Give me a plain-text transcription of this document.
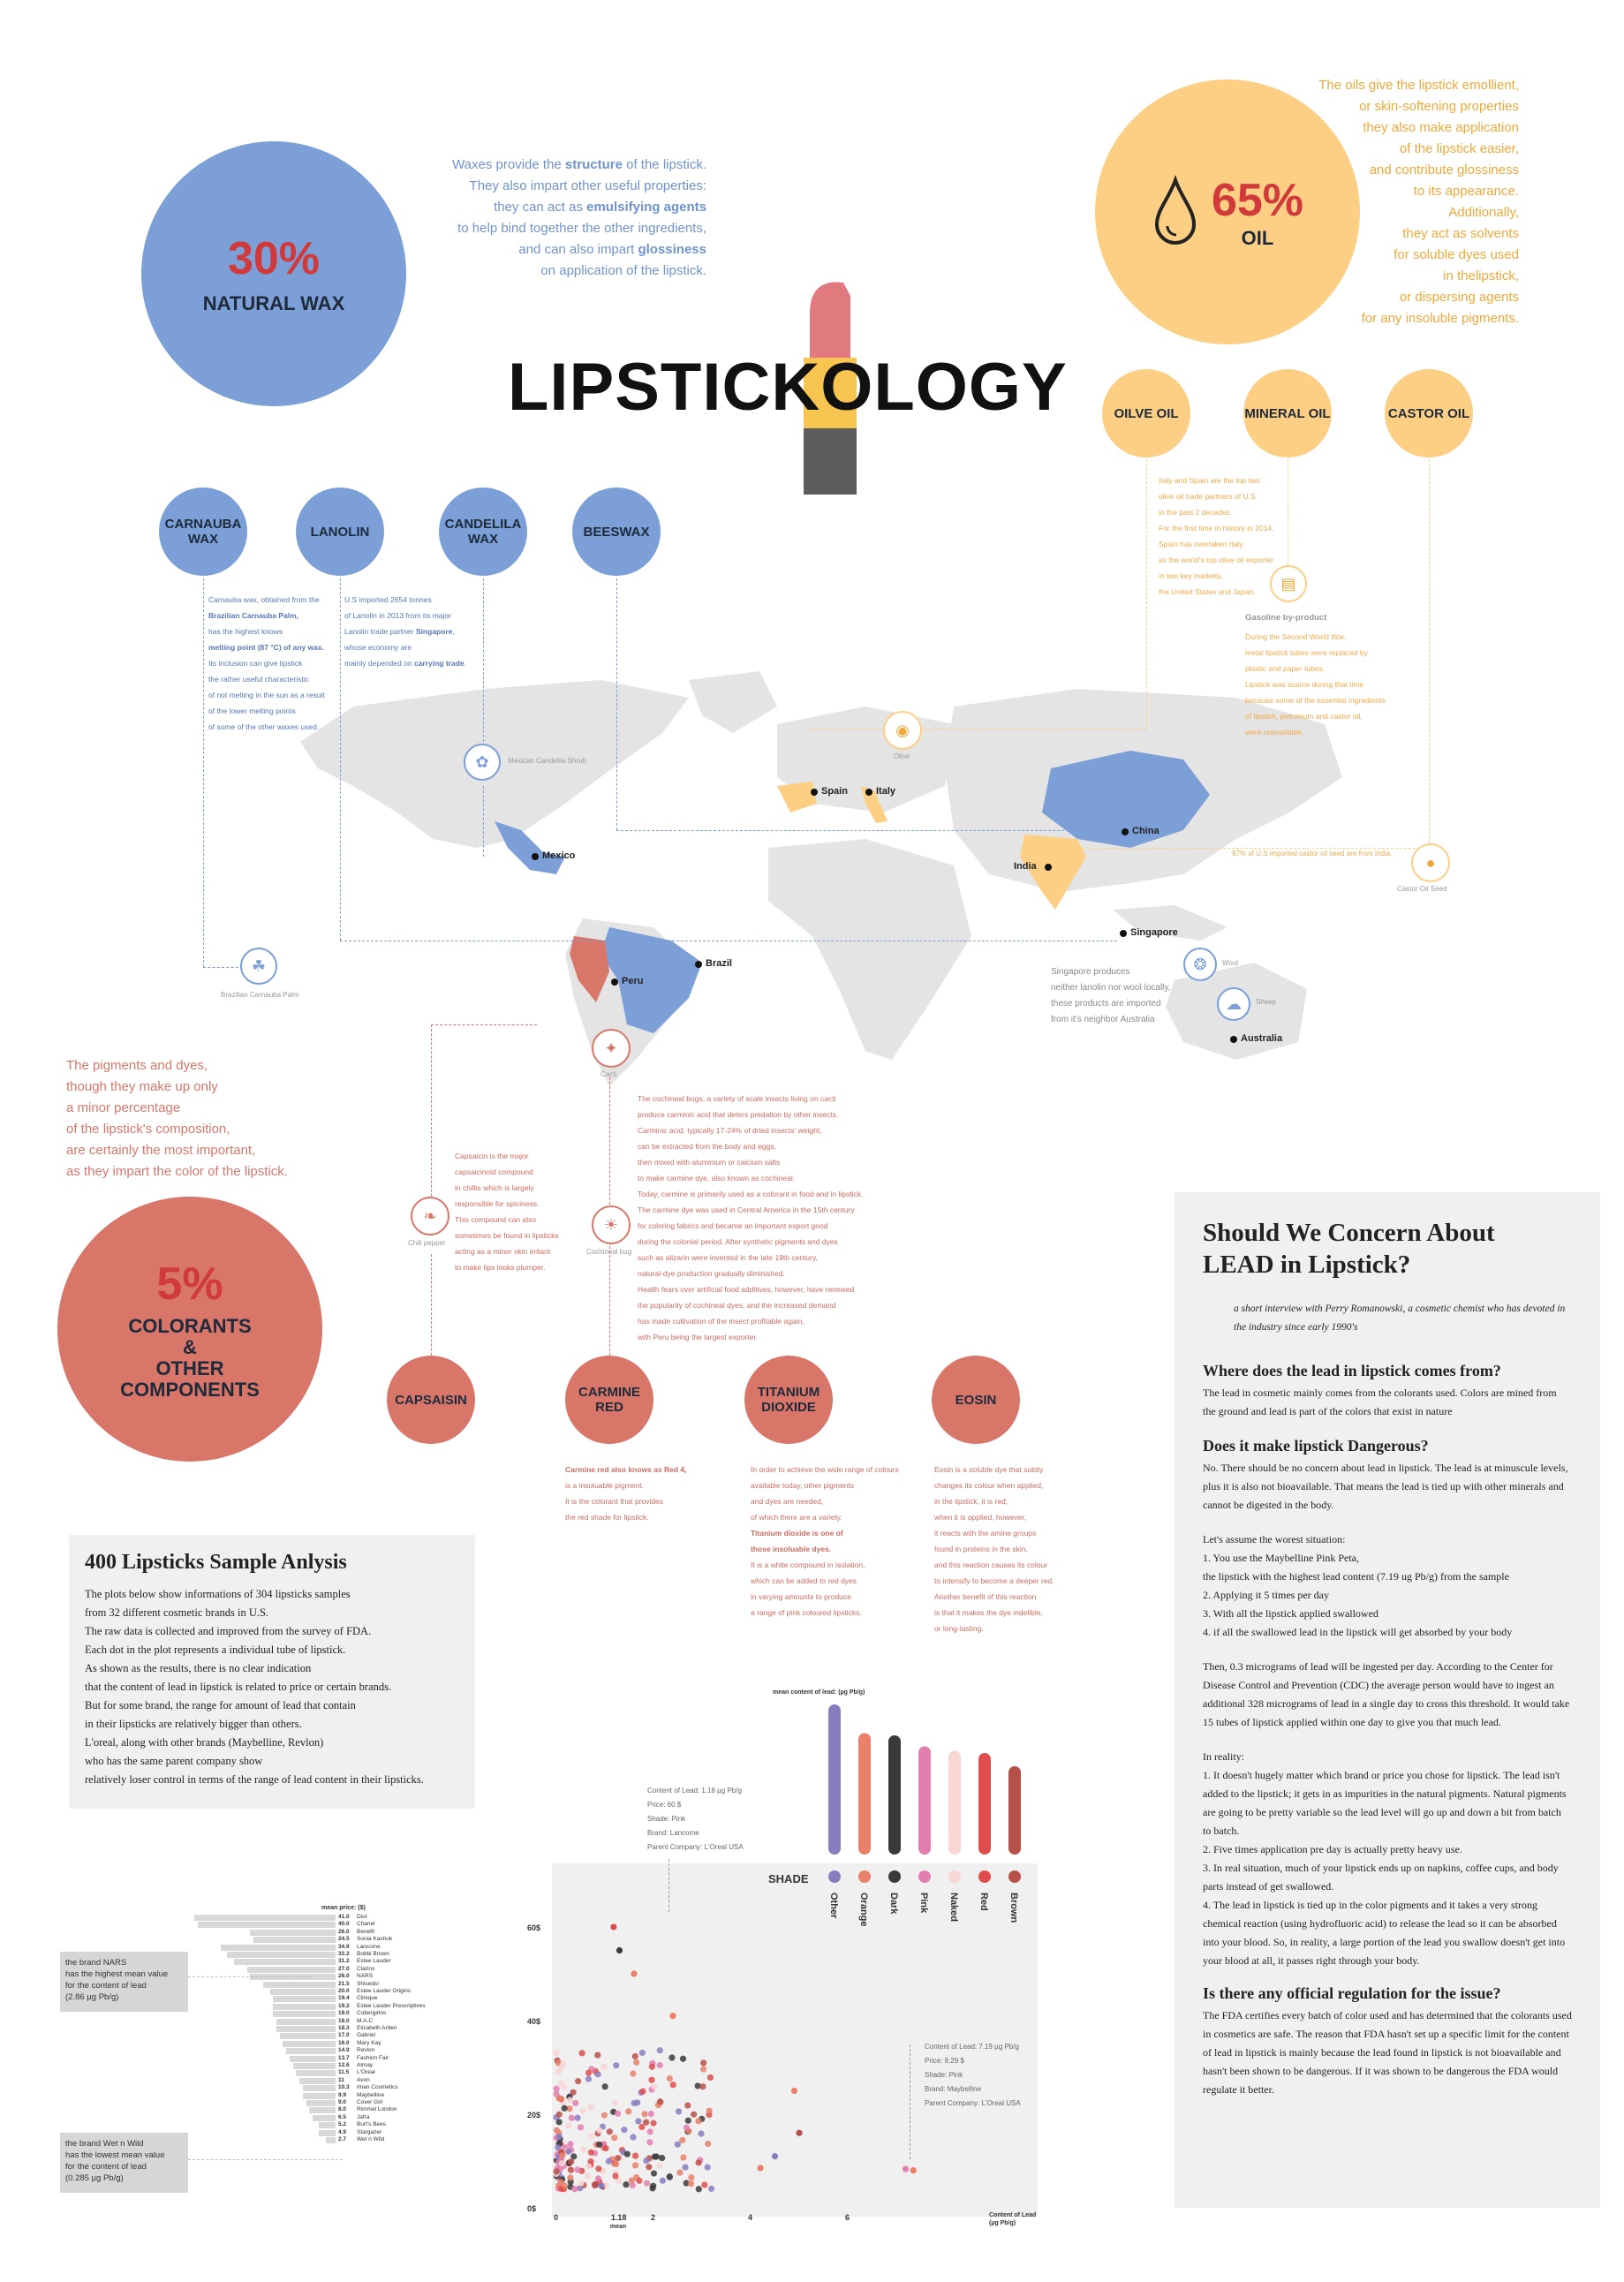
LIPSTICKOLOGY
30%
NATURAL WAX
Waxes provide the structure of the lipstick.
They also impart other useful properties:
they can act as emulsifying agents
to help bind together the other ingredients,
and can also impart glossiness
on application of the lipstick.
CARNAUBA WAX	LANOLIN	CANDELILA WAX	BEESWAX
65%
OIL
The oils give the lipstick emollient,
or skin-softening properties
they also make application
of the lipstick easier,
and contribute glossiness
to its appearance.
Additionally,
they act as solvents
for soluble dyes used
in thelipstick,
or dispersing agents
for any insoluble pigments.
OILVE OIL	MINERAL OIL	CASTOR OIL
Mexico
Brazil
Peru
Spain	Italy
China
India
Singapore
Australia
Singapore produces
neither lanolin nor wool locally,
these products are imported
from it's neighbor Australia
✿	Mexican Candelila Shrub
☘
Brazilian Carnauba Palm
❂	Wool
☁	Sheep
◉
Olive
▤
●
Castor Oil Seed
✦
Cacti
❧
Chili pepper
☀
Cochineal bug
Carnauba wax, obtained from the
Brazilian Carnauba Palm,
has the highest knows
melting point (87 °C) of any wax.
Its inclusion can give lipstick
the rather useful characteristic
of not melting in the sun as a result
of the lower melting points
of some of the other waxes used.
U.S imported 2654 tonnes
of Lanolin in 2013 from its major
Lanolin trade partner Singapore,
whose economy are
mainly depended on carrying trade.
Italy and Spain are the top two
olive oil trade partners of U.S
in the past 2 decades.
For the first time in history in 2014,
Spain has overtaken Italy
as the world's top olive oil exporter
in two key markets,
the United States and Japan.
Gasoline by-product
During the Second World War,
metal lipstick tubes were replaced by
plastic and paper tubes.
Lipstick was scarce during that time
because some of the essential ingredients
of lipstick, petroleum and castor oil,
were unavailable.
97% of U.S imported castor oil seed are from India.
The pigments and dyes,
though they make up only
a minor percentage
of the lipstick's composition,
are certainly the most important,
as they impart the color of the lipstick.
5%
COLORANTS
&
OTHER
COMPONENTS
Capsaicin is the major
capsaicinoid compound
in chillis which is largely
responsible for spiciness.
This compound can also
sometimes be found in lipsticks
acting as a minor skin irritant
to make lips looks plumper.
The cochineal bugs, a variety of scale insects living on cacti
produce carminic acid that deters predation by other insects.
Carminic acid, typically 17-24% of dried insects' weight,
can be extracted from the body and eggs,
then mixed with aluminium or calcium salts
to make carmine dye, also known as cochineal.
Today, carmine is primarily used as a colorant in food and in lipstick.
The carmine dye was used in Central America in the 15th century
for coloring fabrics and became an important export good
during the colonial period. After synthetic pigments and dyes
such as alizarin were invented in the late 19th century,
natural-dye production gradually diminished.
Health fears over artificial food additives, however, have renewed
the popularity of cochineal dyes, and the increased demand
has made cultivation of the insect profitable again,
with Peru being the largest exporter.
CAPSAISIN	CARMINE RED
TITANIUM DIOXIDE	EOSIN
Carmine red also knows as Red 4,
is a insoluable pigment.
It is the colorant that provides
the red shade for lipstick.
In order to achieve the wide range of colours
available today, other pigments
and dyes are needed,
of which there are a variety.
Titanium dioxide is one of
those insoluable dyes.
It is a white compound in isolation,
which can be added to red dyes
in varying amounts to produce
a range of pink coloured lipsticks.
Eosin is a soluble dye that subtly
changes its colour when applied,
in the lipstick, it is red;
when it is applied, however,
it reacts with the amine groups
found in proteins in the skin,
and this reaction causes its colour
to intensify to become a deeper red.
Another benefit of this reaction
is that it makes the dye indelible,
or long-lasting.
400 Lipsticks Sample Anlysis
The plots below show informations of 304 lipsticks samples
from 32 different cosmetic brands in U.S.
The raw data is collected and improved from the survey of FDA.
Each dot in the plot represents a individual tube of lipstick.
As shown as the results, there is no clear indication
that the content of lead in lipstick is related to price or certain brands.
But for some brand, the range for amount of lead that contain
in their lipsticks are relatively bigger than others.
L'oreal, along with other brands (Maybelline, Revlon)
who has the same parent company show
relatively loser control in terms of the range of lead content in their lipsticks.
mean price: ($)
41.0 Dior
40.0 Chanel
26.0 Benefit
24.5 Sonia Kashuk
34.9 Lancome
33.2 Bobbi Brown
31.2 Estee Lauder
27.0 Clarins
26.0 NARS
21.5 Shiseido
20.0 Estee Lauder Origins
19.4 Clinique
19.2 Estee Lauder Prescriptives
19.0 Cobergirlos
18.0 M.A.C
18.3 Elizabeth Arden
17.0 Gabriel
16.0 Mary Kay
14.9 Revlon
13.7 Fashion Fair
12.6 Almay
11.5 L'Oreal
11 Avon
10.3 Iman Cosmetics
9.9 Maybelline
9.0 Cover Girl
8.0 Rimmel London
6.5 Jafra
5.2 Burt's Bees
4.9 Stargazer
2.7 Wet n Wild
the brand NARS
has the highest mean value
for the content of lead
(2.86 µg Pb/g)
the brand Wet n Wild
has the lowest mean value
for the content of lead
(0.285 µg Pb/g)
mean content of lead: (µg Pb/g)
SHADE
Other Orange Dark Pink Naked Red Brown
60$
40$
20$
0$
0	1.18	2	4	6
mean
Content of Lead
(µg Pb/g)
Content of Lead: 1.18 µg Pb/g
Price: 60 $
Shade: Pink
Brand: Lancome
Parent Company: L'Oreal USA
Content of Lead: 7.19 µg Pb/g
Price: 8.29 $
Shade: Pink
Brand: Maybelline
Parent Company: L'Oreal USA
Should We Concern About
LEAD in Lipstick?

a short interview with Perry Romanowski, a cosmetic chemist who has devoted in the industry since early 1990's

Where does the lead in lipstick comes from?

The lead in cosmetic mainly comes from the colorants used. Colors are mined from the ground and lead is part of the colors that exist in nature

Does it make lipstick Dangerous?

No. There should be no concern about lead in lipstick. The lead is at minuscule levels, plus it is also not bioavailable. That means the lead is tied up with other minerals and cannot be digested in the body.

Let's assume the worest situation:

1. You use the Maybelline Pink Peta,
the lipstick with the highest lead content (7.19 ug Pb/g) from the sample
2. Applying it 5 times per day
3. With all the lipstick applied swallowed
4. if all the swallowed lead in the lipstick will get absorbed by your body

Then, 0.3 micrograms of lead will be ingested per day. According to the Center for Disease Control and Prevention (CDC) the average person would have to ingest an additional 328 micrograms of lead in a single day to cross this threshold. It would take 15 tubes of lipstick applied within one day to give you that much lead.

In reality:

1. It doesn't hugely matter which brand or price you chose for lipstick. The lead isn't added to the lipstick; it gets in as impurities in the natural pigments. Natural pigments are going to be pretty variable so the lead level will go up and down a bit from batch to batch.
2. Five times application pre day is actually pretty heavy use.
3. In real situation, much of your lipstick ends up on napkins, coffee cups, and body parts instead of get swallowed.
4. The lead in lipstick is tied up in the color pigments and it takes a very strong chemical reaction (using hydrofluoric acid) to release the lead so it can be absorbed into your blood. So, in reality, a large portion of the lead you swallow doesn't get into your blood at all, it passes right through your body.

Is there any official regulation for the issue?

The FDA certifies every batch of color used and has determined that the colorants used in cosmetics are safe. The reason that FDA hasn't set up a specific limit for the content of lead in lipstick is mainly because the lead found in lipstick is not bioavailable and hasn't been shown to be dangerous. If it was shown to be dangerous the FDA would regulate it better.
